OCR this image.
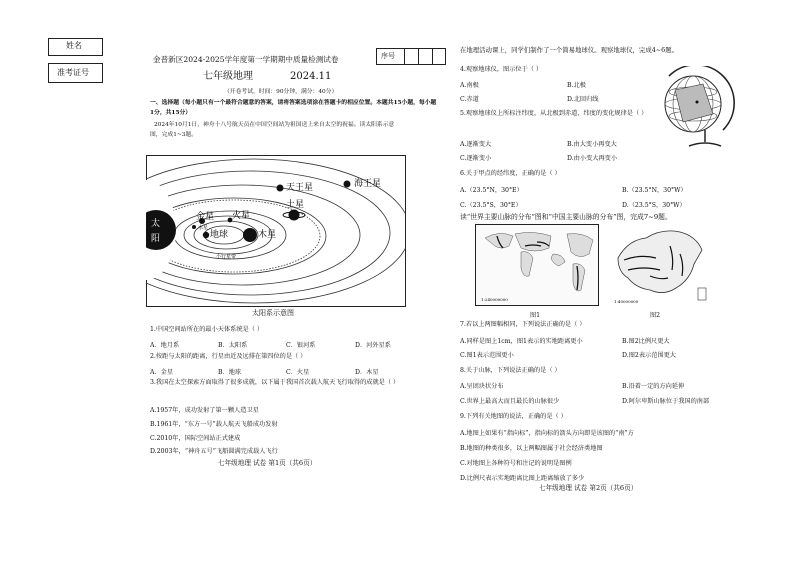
姓名
准考证号
金普新区2024-2025学年度第一学期期中质量检测试卷	序号
七年级地理	2024.11
（开卷考试，时间：90分钟，满分：40分）
一、选择题（每小题只有一个最符合题意的答案，请将答案选项涂在答题卡的相应位置。本题共15小题，每小题
1分，共15分）
2024年10月1日，神舟十八号航天员在中国空间站为祖国送上来自太空的祝福。读太阳系示意
图，完成1~3题。
太
阳
水星
金星
地球
火星
木星
土星
天王星	海王星
小行星带
太阳系示意图
1.中国空间站所在的最小天体系统是（ ）
A．地月系	B．太阳系	C．银河系	D．河外星系
2.按距与太阳的距离，行星由近及远排在第四位的是（ ）
A．金星	B．地球	C．火星	D．木星
3.我国在太空探索方面取得了很多成就，以下属于我国首次载人航天飞行取得的成就是（ ）
A.1957年，成功发射了第一颗人造卫星
B.1961年，“东方一号”载人航天飞船成功发射
C.2010年，国际空间站正式建成
D.2003年，“神舟五号”飞船圆满完成载人飞行
七年级地理 试卷 第1页（共6页）
在地理活动课上，同学们制作了一个简易地球仪。观察地球仪，完成4~6题。
4.观察地球仪，图示位于（ ）
A.南极	B.北极
C.赤道	D.北回归线
5.观察地球仪上所标注纬度，从北极到赤道，纬度的变化规律是（ ）
A.逐渐变大	B.由大变小再变大
C.逐渐变小	D.由小变大再变小
6.关于甲点的经纬度，正确的是（ ）
A.（23.5°N，30°E）	B.（23.5°N，30°W）
C.（23.5°S，30°E）	D.（23.5°S，30°W）
读“世界主要山脉的分布”图和“中国主要山脉的分布”图，完成7~9题。
1:240000000
图1
1:40000000
图2
7.若以上两图幅相同，下列说法正确的是（ ）
A.同样是图上1cm，图1表示的实地距离更小	B.图2比例尺更大
C.图1表示范围更小	D.图2表示范围更大
8.关于山脉，下列说法正确的是（ ）
A.呈团块状分布	B.沿着一定的方向延伸
C.世界上最高大而且最长的山脉很少	D.阿尔卑斯山脉位于我国的南部
9.下列有关地图的说法，正确的是（ ）
A.地图上如果有“指向标”，指向标的箭头方向即是该图的“南”方
B.地图的种类很多，以上两幅图属于社会经济类地图
C.对地图上各种符号和注记的说明是图例
D.比例尺表示实地距离比图上距离缩放了多少
七年级地理 试卷 第2页（共6页）
